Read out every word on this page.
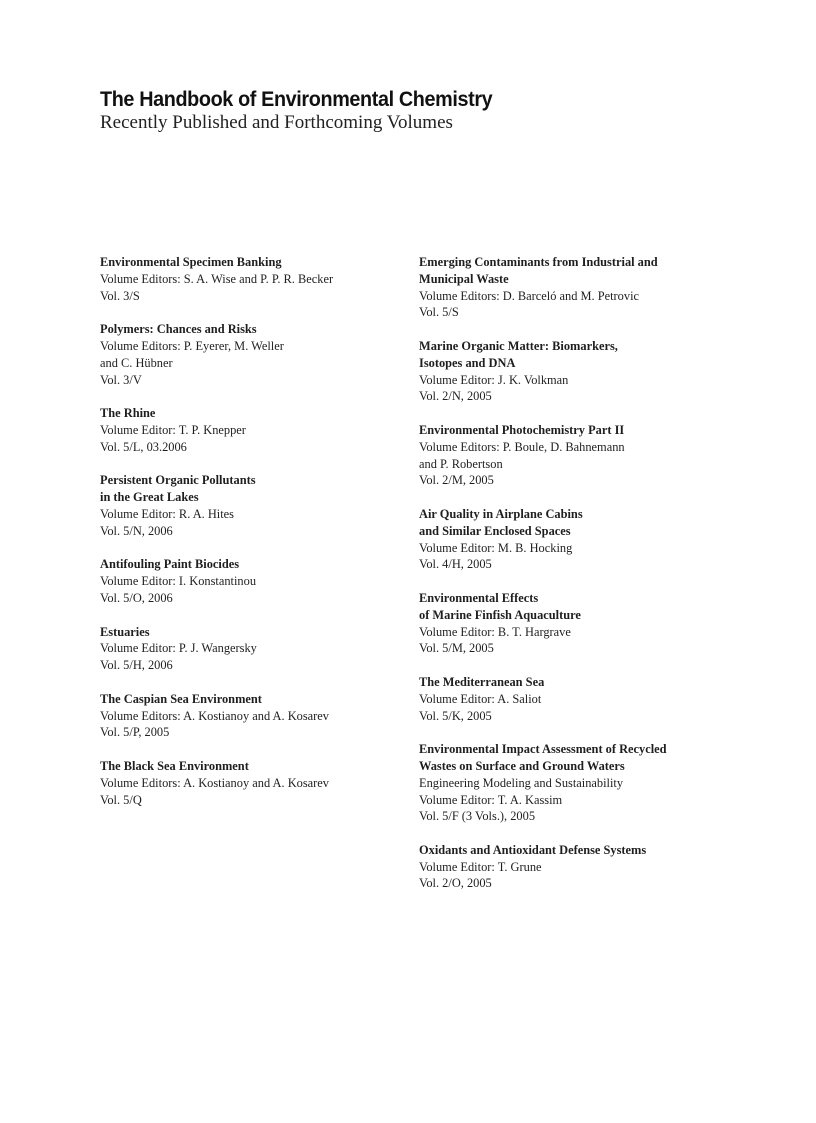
The Handbook of Environmental Chemistry
Recently Published and Forthcoming Volumes
Environmental Specimen Banking
Volume Editors: S. A. Wise and P. P. R. Becker
Vol. 3/S
Polymers: Chances and Risks
Volume Editors: P. Eyerer, M. Weller
and C. Hübner
Vol. 3/V
The Rhine
Volume Editor: T. P. Knepper
Vol. 5/L, 03.2006
Persistent Organic Pollutants
in the Great Lakes
Volume Editor: R. A. Hites
Vol. 5/N, 2006
Antifouling Paint Biocides
Volume Editor: I. Konstantinou
Vol. 5/O, 2006
Estuaries
Volume Editor: P. J. Wangersky
Vol. 5/H, 2006
The Caspian Sea Environment
Volume Editors: A. Kostianoy and A. Kosarev
Vol. 5/P, 2005
The Black Sea Environment
Volume Editors: A. Kostianoy and A. Kosarev
Vol. 5/Q
Emerging Contaminants from Industrial and
Municipal Waste
Volume Editors: D. Barceló and M. Petrovic
Vol. 5/S
Marine Organic Matter: Biomarkers,
Isotopes and DNA
Volume Editor: J. K. Volkman
Vol. 2/N, 2005
Environmental Photochemistry Part II
Volume Editors: P. Boule, D. Bahnemann
and P. Robertson
Vol. 2/M, 2005
Air Quality in Airplane Cabins
and Similar Enclosed Spaces
Volume Editor: M. B. Hocking
Vol. 4/H, 2005
Environmental Effects
of Marine Finfish Aquaculture
Volume Editor: B. T. Hargrave
Vol. 5/M, 2005
The Mediterranean Sea
Volume Editor: A. Saliot
Vol. 5/K, 2005
Environmental Impact Assessment of Recycled
Wastes on Surface and Ground Waters
Engineering Modeling and Sustainability
Volume Editor: T. A. Kassim
Vol. 5/F (3 Vols.), 2005
Oxidants and Antioxidant Defense Systems
Volume Editor: T. Grune
Vol. 2/O, 2005
